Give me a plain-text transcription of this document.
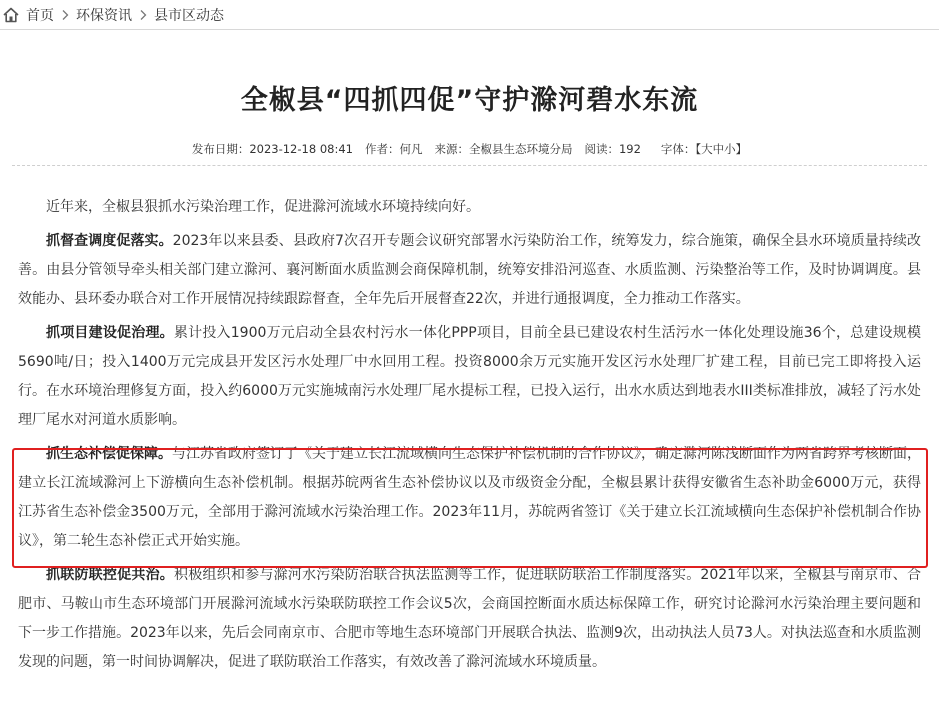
首页 环保资讯 县市区动态
全椒县“四抓四促”守护滁河碧水东流
发布日期：2023-12-18 08:41 作者：何凡 来源：全椒县生态环境分局 阅读：192 字体：【大中小】

近年来，全椒县狠抓水污染治理工作，促进滁河流域水环境持续向好。

抓督查调度促落实。2023年以来县委、县政府7次召开专题会议研究部署水污染防治工作，统筹发力，综合施策，确保全县水环境质量持续改善。由县分管领导牵头相关部门建立滁河、襄河断面水质监测会商保障机制，统筹安排沿河巡查、水质监测、污染整治等工作，及时协调调度。县效能办、县环委办联合对工作开展情况持续跟踪督查，全年先后开展督查22次，并进行通报调度，全力推动工作落实。

抓项目建设促治理。累计投入1900万元启动全县农村污水一体化PPP项目，目前全县已建设农村生活污水一体化处理设施36个，总建设规模5690吨/日；投入1400万元完成县开发区污水处理厂中水回用工程。投资8000余万元实施开发区污水处理厂扩建工程，目前已完工即将投入运行。在水环境治理修复方面，投入约6000万元实施城南污水处理厂尾水提标工程，已投入运行，出水水质达到地表水III类标准排放，减轻了污水处理厂尾水对河道水质影响。

抓生态补偿促保障。与江苏省政府签订了《关于建立长江流域横向生态保护补偿机制的合作协议》，确定滁河陈浅断面作为两省跨界考核断面，建立长江流域滁河上下游横向生态补偿机制。根据苏皖两省生态补偿协议以及市级资金分配，全椒县累计获得安徽省生态补助金6000万元，获得江苏省生态补偿金3500万元，全部用于滁河流域水污染治理工作。2023年11月，苏皖两省签订《关于建立长江流域横向生态保护补偿机制合作协议》，第二轮生态补偿正式开始实施。

抓联防联控促共治。积极组织和参与滁河水污染防治联合执法监测等工作，促进联防联治工作制度落实。2021年以来，全椒县与南京市、合肥市、马鞍山市生态环境部门开展滁河流域水污染联防联控工作会议5次，会商国控断面水质达标保障工作，研究讨论滁河水污染治理主要问题和下一步工作措施。2023年以来，先后会同南京市、合肥市等地生态环境部门开展联合执法、监测9次，出动执法人员73人。对执法巡查和水质监测发现的问题，第一时间协调解决，促进了联防联治工作落实，有效改善了滁河流域水环境质量。
